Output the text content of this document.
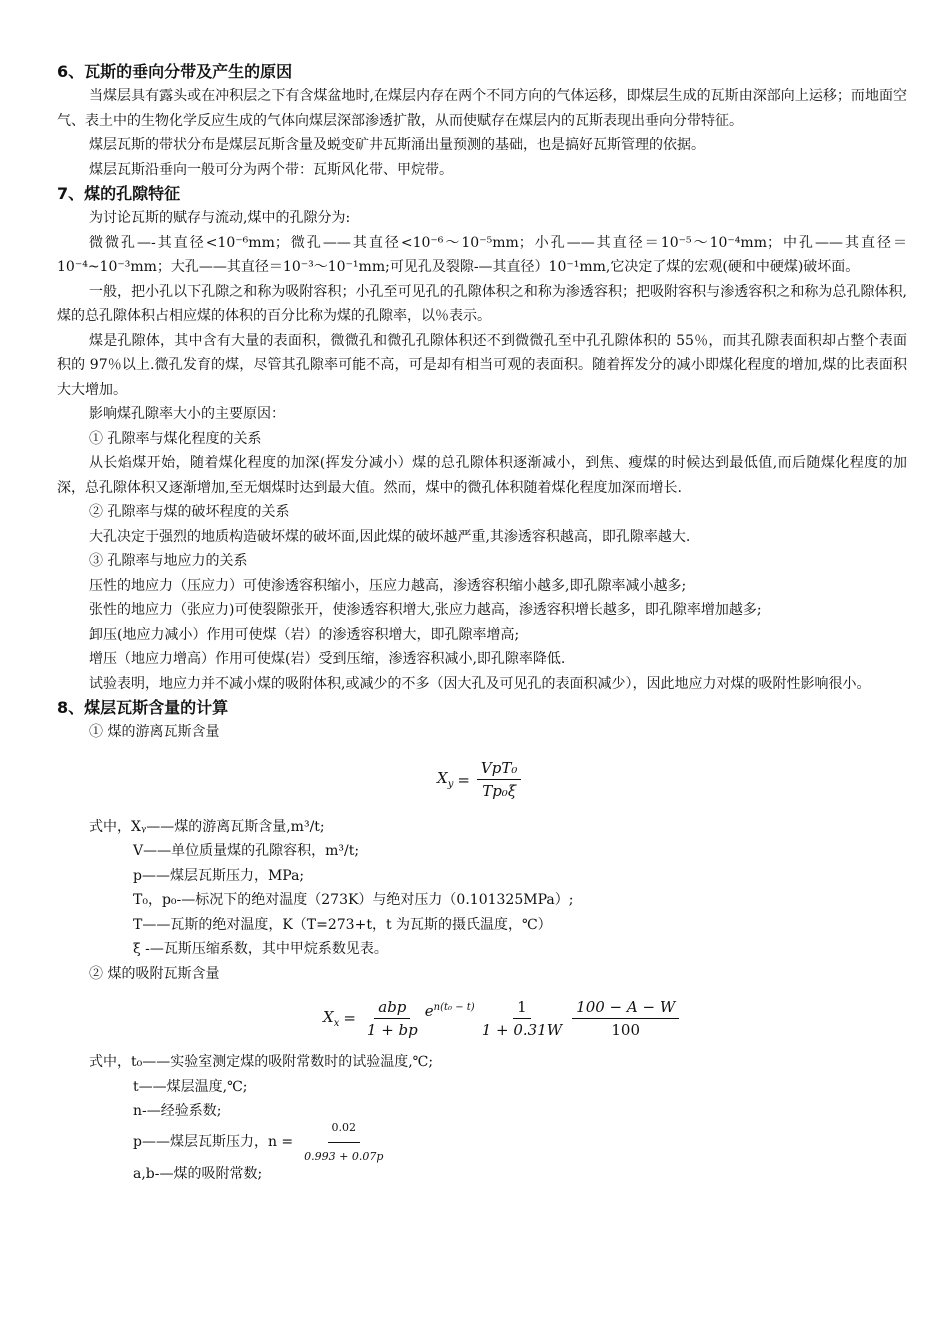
6、瓦斯的垂向分带及产生的原因

当煤层具有露头或在冲积层之下有含煤盆地时,在煤层内存在两个不同方向的气体运移，即煤层生成的瓦斯由深部向上运移；而地面空气、表土中的生物化学反应生成的气体向煤层深部渗透扩散，从而使赋存在煤层内的瓦斯表现出垂向分带特征。

煤层瓦斯的带状分布是煤层瓦斯含量及蜕变矿井瓦斯涌出量预测的基础，也是搞好瓦斯管理的依据。

煤层瓦斯沿垂向一般可分为两个带：瓦斯风化带、甲烷带。

7、煤的孔隙特征

为讨论瓦斯的赋存与流动,煤中的孔隙分为:

微微孔—-其直径<10⁻⁶mm；微孔——其直径<10⁻⁶～10⁻⁵mm；小孔——其直径＝10⁻⁵～10⁻⁴mm；中孔——其直径＝10⁻⁴~10⁻³mm；大孔——其直径＝10⁻³～10⁻¹mm;可见孔及裂隙-—其直径）10⁻¹mm,它决定了煤的宏观(硬和中硬煤)破坏面。

一般，把小孔以下孔隙之和称为吸附容积；小孔至可见孔的孔隙体积之和称为渗透容积；把吸附容积与渗透容积之和称为总孔隙体积,煤的总孔隙体积占相应煤的体积的百分比称为煤的孔隙率，以％表示。

煤是孔隙体，其中含有大量的表面积，微微孔和微孔孔隙体积还不到微微孔至中孔孔隙体积的 55％，而其孔隙表面积却占整个表面积的 97％以上.微孔发育的煤，尽管其孔隙率可能不高，可是却有相当可观的表面积。随着挥发分的减小即煤化程度的增加,煤的比表面积大大增加。

影响煤孔隙率大小的主要原因：

① 孔隙率与煤化程度的关系

从长焰煤开始，随着煤化程度的加深(挥发分减小）煤的总孔隙体积逐渐减小，到焦、瘦煤的时候达到最低值,而后随煤化程度的加深，总孔隙体积又逐渐增加,至无烟煤时达到最大值。然而，煤中的微孔体积随着煤化程度加深而增长.

② 孔隙率与煤的破坏程度的关系

大孔决定于强烈的地质构造破坏煤的破坏面,因此煤的破坏越严重,其渗透容积越高，即孔隙率越大.

③ 孔隙率与地应力的关系

压性的地应力（压应力）可使渗透容积缩小，压应力越高，渗透容积缩小越多,即孔隙率减小越多;

张性的地应力（张应力)可使裂隙张开，使渗透容积增大,张应力越高，渗透容积增长越多，即孔隙率增加越多;

卸压(地应力减小）作用可使煤（岩）的渗透容积增大，即孔隙率增高;

增压（地应力增高）作用可使煤(岩）受到压缩，渗透容积减小,即孔隙率降低.

试验表明，地应力并不减小煤的吸附体积,或减少的不多（因大孔及可见孔的表面积减少），因此地应力对煤的吸附性影响很小。

8、煤层瓦斯含量的计算

① 煤的游离瓦斯含量

$X_y = \frac{\text{VpT₀}}{\text{Tp₀ξ}}$

式中，Xᵧ——煤的游离瓦斯含量,m³/t;

V——单位质量煤的孔隙容积，m³/t;

p——煤层瓦斯压力，MPa;

T₀，p₀-—标况下的绝对温度（273K）与绝对压力（0.101325MPa）;

T——瓦斯的绝对温度，K（T=273+t，t 为瓦斯的摄氏温度，℃）

ξ -—瓦斯压缩系数，其中甲烷系数见表。

② 煤的吸附瓦斯含量

$X_x = \frac{\text{abp}}{1 + bp} e^{n(t_0 - t)} \frac{1}{1 + 0.31W} \frac{100 - A - W}{100}$

式中，t₀——实验室测定煤的吸附常数时的试验温度,℃;

t——煤层温度,℃;

n-—经验系数;

p——煤层瓦斯压力， $n = \frac{0.02}{0.993 + 0.07p}$

a,b-—煤的吸附常数;
